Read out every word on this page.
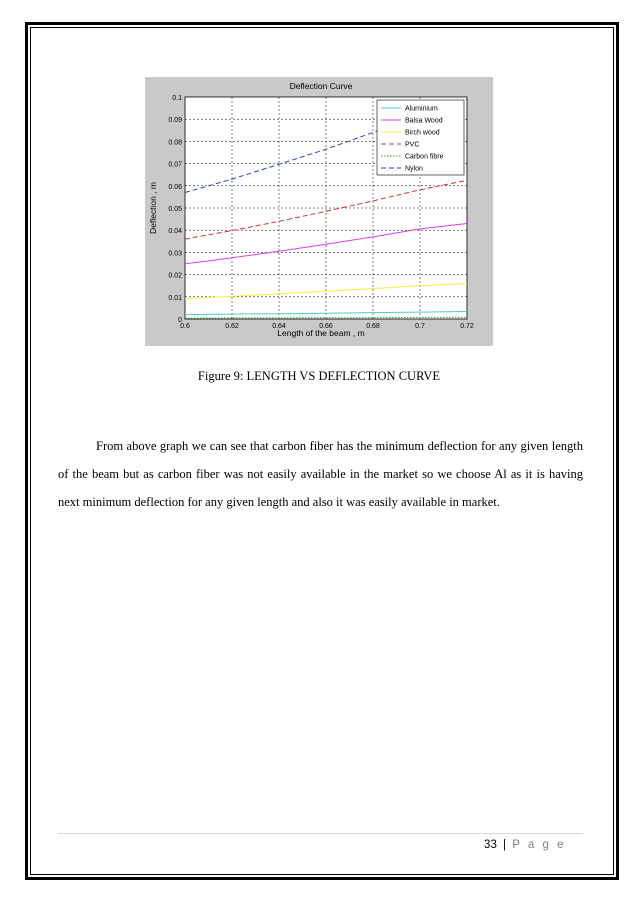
Deflection Curve
Length of the beam , m
Deflection , m
0
0.01
0.02
0.03
0.04
0.05
0.06
0.07
0.08
0.09
0.1
0.6	0.62	0.64	0.66	0.68	0.7	0.72
Aluminium
Balsa Wood
Birch wood
PVC
Carbon fibre
Nylon
Figure 9: LENGTH VS DEFLECTION CURVE

From above graph we can see that carbon fiber has the minimum deflection for any given length of the beam but as carbon fiber was not easily available in the market so we choose Al as it is having next minimum deflection for any given length and also it was easily available in market.

33 | P a g e
